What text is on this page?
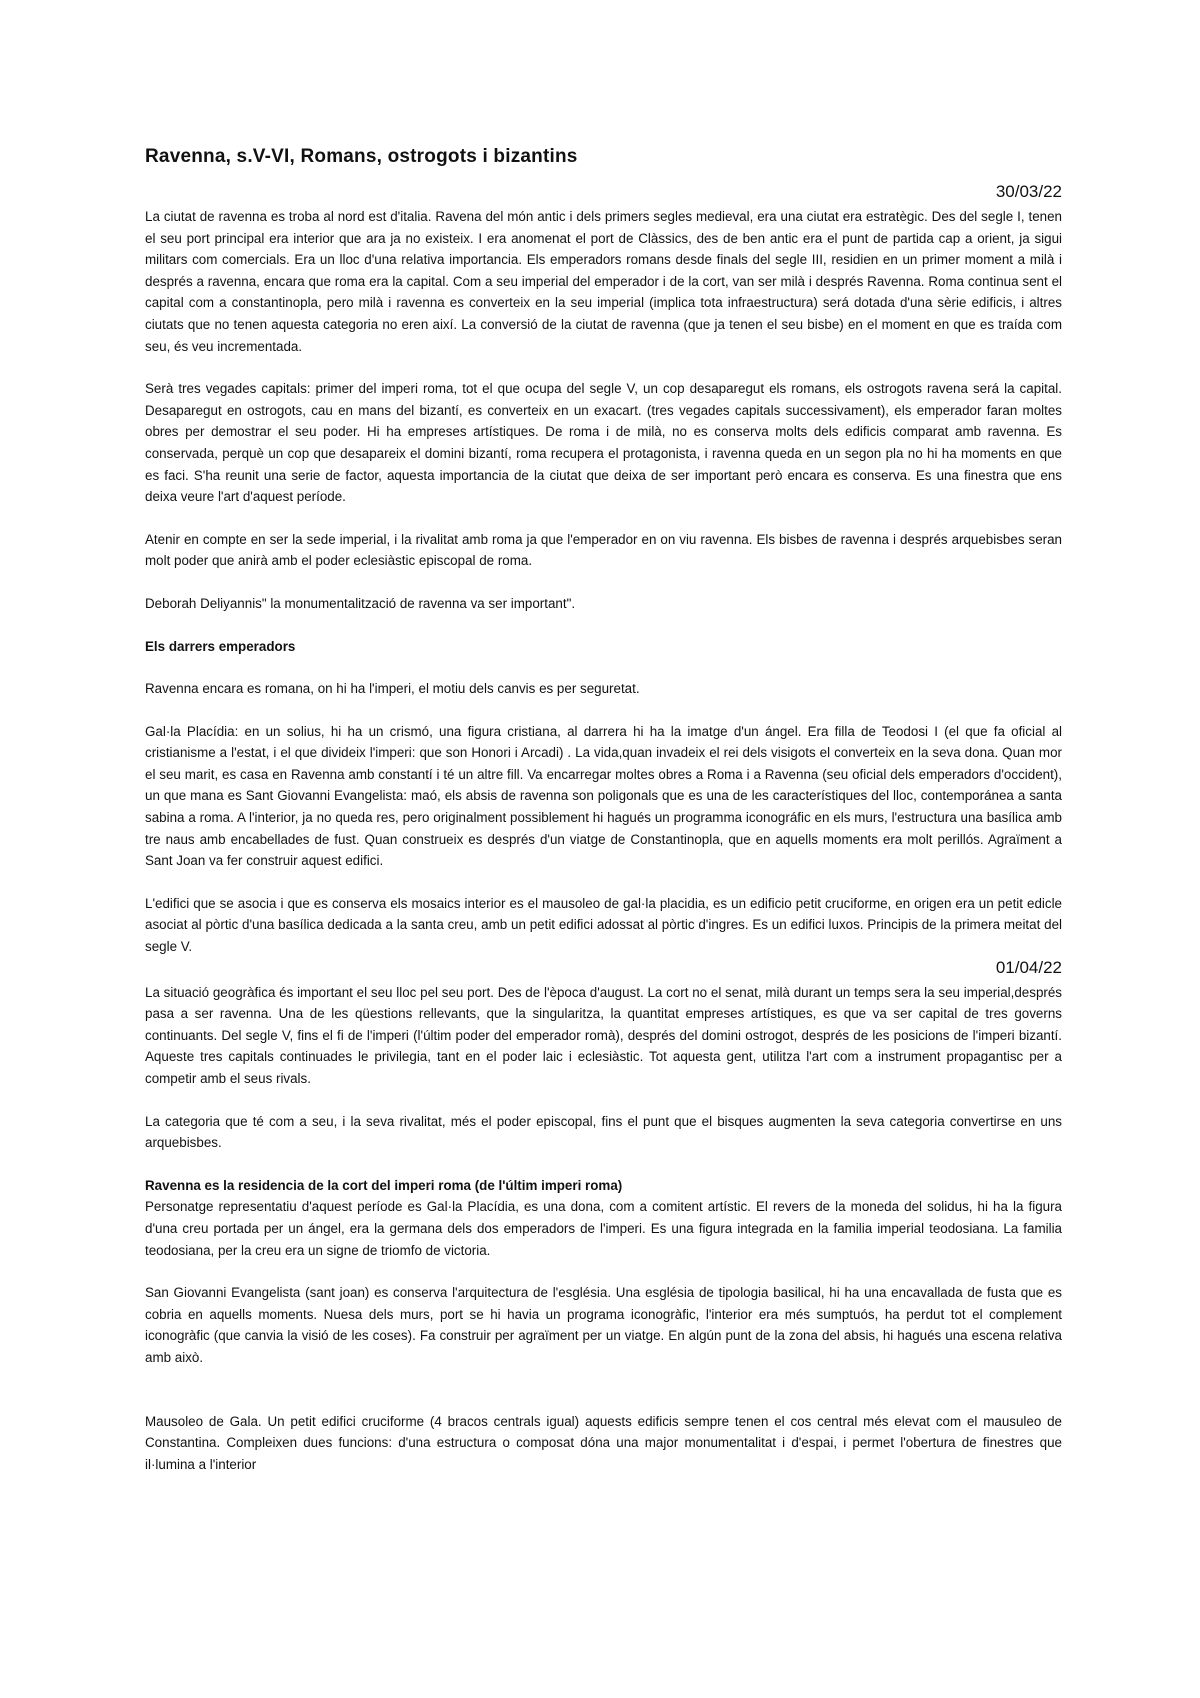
Ravenna, s.V-VI, Romans, ostrogots i bizantins
30/03/22

La ciutat de ravenna es troba al nord est d'italia. Ravena del món antic i dels primers segles medieval, era una ciutat era estratègic. Des del segle I, tenen el seu port principal era interior que ara ja no existeix. I era anomenat el port de Clàssics, des de ben antic era el punt de partida cap a orient, ja sigui militars com comercials. Era un lloc d'una relativa importancia. Els emperadors romans desde finals del segle III, residien en un primer moment a milà i després a ravenna, encara que roma era la capital. Com a seu imperial del emperador i de la cort, van ser milà i després Ravenna. Roma continua sent el capital com a constantinopla, pero milà i ravenna es converteix en la seu imperial (implica tota infraestructura) será dotada d'una sèrie edificis, i altres ciutats que no tenen aquesta categoria no eren així. La conversió de la ciutat de ravenna (que ja tenen el seu bisbe) en el moment en que es traída com seu, és veu incrementada.

Serà tres vegades capitals: primer del imperi roma, tot el que ocupa del segle V, un cop desaparegut els romans, els ostrogots ravena será la capital. Desaparegut en ostrogots, cau en mans del bizantí, es converteix en un exacart. (tres vegades capitals successivament), els emperador faran moltes obres per demostrar el seu poder. Hi ha empreses artístiques. De roma i de milà, no es conserva molts dels edificis comparat amb ravenna. Es conservada, perquè un cop que desapareix el domini bizantí, roma recupera el protagonista, i ravenna queda en un segon pla no hi ha moments en que es faci. S'ha reunit una serie de factor, aquesta importancia de la ciutat que deixa de ser important però encara es conserva. Es una finestra que ens deixa veure l'art d'aquest període.

Atenir en compte en ser la sede imperial, i la rivalitat amb roma ja que l'emperador en on viu ravenna. Els bisbes de ravenna i després arquebisbes seran molt poder que anirà amb el poder eclesiàstic episcopal de roma.

Deborah Deliyannis" la monumentalització de ravenna va ser important".

Els darrers emperadors

Ravenna encara es romana, on hi ha l'imperi, el motiu dels canvis es per seguretat.

Gal·la Placídia: en un solius, hi ha un crismó, una figura cristiana, al darrera hi ha la imatge d'un ángel. Era filla de Teodosi I (el que fa oficial al cristianisme a l'estat, i el que divideix l'imperi: que son Honori i Arcadi) . La vida,quan invadeix el rei dels visigots el converteix en la seva dona. Quan mor el seu marit, es casa en Ravenna amb constantí i té un altre fill. Va encarregar moltes obres a Roma i a Ravenna (seu oficial dels emperadors d'occident), un que mana es Sant Giovanni Evangelista: maó, els absis de ravenna son poligonals que es una de les característiques del lloc, contemporánea a santa sabina a roma. A l'interior, ja no queda res, pero originalment possiblement hi hagués un programma iconográfic en els murs, l'estructura una basílica amb tre naus amb encabellades de fust. Quan construeix es després d'un viatge de Constantinopla, que en aquells moments era molt perillós. Agraïment a Sant Joan va fer construir aquest edifici.

L'edifici que se asocia i que es conserva els mosaics interior es el mausoleo de gal·la placidia, es un edificio petit cruciforme, en origen era un petit edicle asociat al pòrtic d'una basílica dedicada a la santa creu, amb un petit edifici adossat al pòrtic d'ingres. Es un edifici luxos. Principis de la primera meitat del segle V.

01/04/22

La situació geogràfica és important el seu lloc pel seu port. Des de l'època d'august. La cort no el senat, milà durant un temps sera la seu imperial,després pasa a ser ravenna. Una de les qüestions rellevants, que la singularitza, la quantitat empreses artístiques, es que va ser capital de tres governs continuants. Del segle V, fins el fi de l'imperi (l'últim poder del emperador romà), després del domini ostrogot, després de les posicions de l'imperi bizantí. Aqueste tres capitals continuades le privilegia, tant en el poder laic i eclesiàstic. Tot aquesta gent, utilitza l'art com a instrument propagantisc per a competir amb el seus rivals.

La categoria que té com a seu, i la seva rivalitat, més el poder episcopal, fins el punt que el bisques augmenten la seva categoria convertirse en uns arquebisbes.

Ravenna es la residencia de la cort del imperi roma (de l'últim imperi roma)

Personatge representatiu d'aquest període es Gal·la Placídia, es una dona, com a comitent artístic. El revers de la moneda del solidus, hi ha la figura d'una creu portada per un ángel, era la germana dels dos emperadors de l'imperi. Es una figura integrada en la familia imperial teodosiana. La familia teodosiana, per la creu era un signe de triomfo de victoria.

San Giovanni Evangelista (sant joan) es conserva l'arquitectura de l'església. Una església de tipologia basilical, hi ha una encavallada de fusta que es cobria en aquells moments. Nuesa dels murs, port se hi havia un programa iconogràfic, l'interior era més sumptuós, ha perdut tot el complement iconogràfic (que canvia la visió de les coses). Fa construir per agraïment per un viatge. En algún punt de la zona del absis, hi hagués una escena relativa amb això.

Mausoleo de Gala. Un petit edifici cruciforme (4 bracos centrals igual) aquests edificis sempre tenen el cos central més elevat com el mausuleo de Constantina. Compleixen dues funcions: d'una estructura o composat dóna una major monumentalitat i d'espai, i permet l'obertura de finestres que il·lumina a l'interior
